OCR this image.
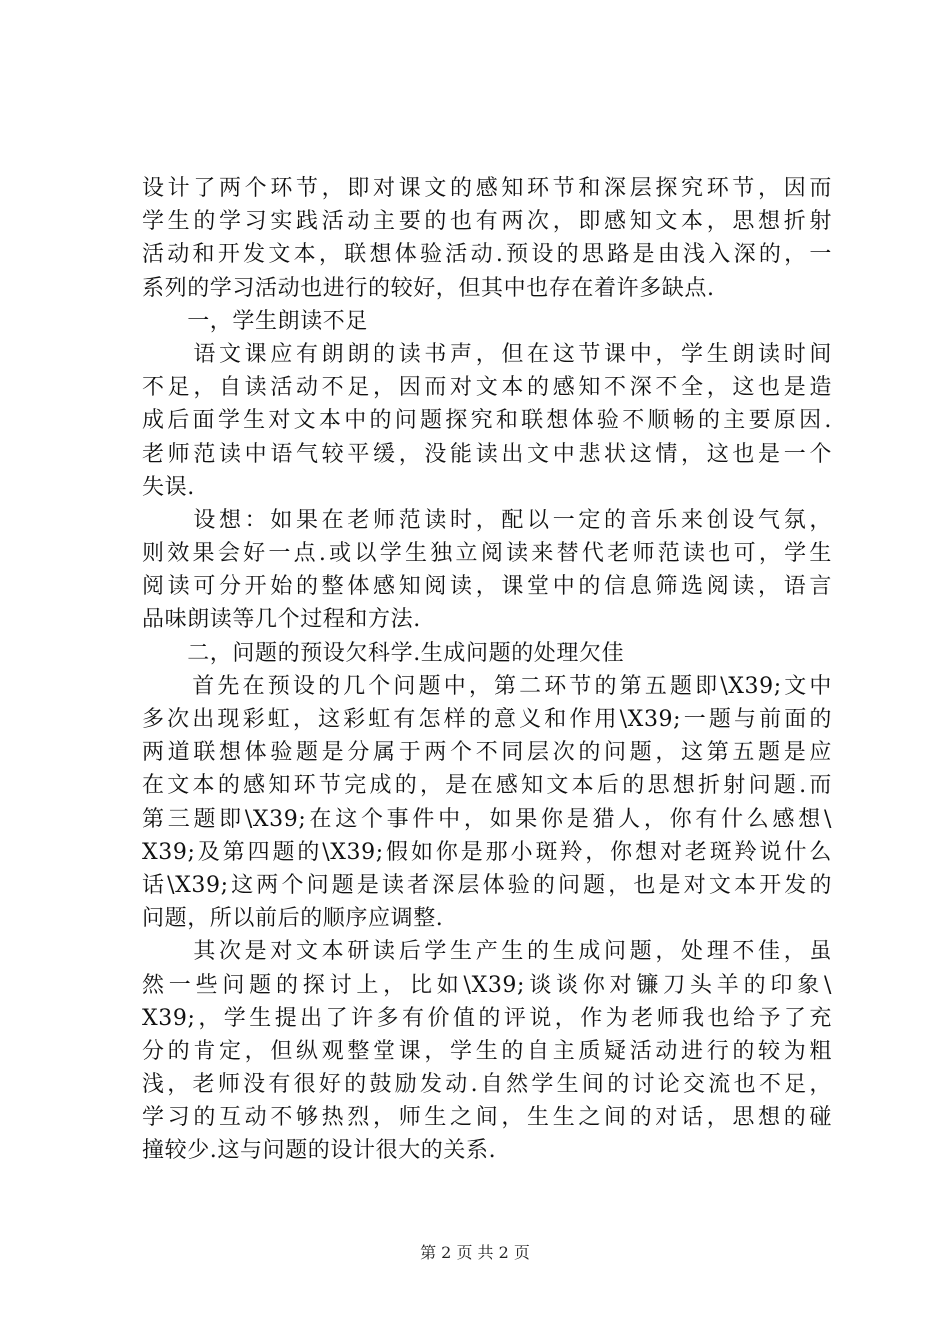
设计了两个环节，即对课文的感知环节和深层探究环节，因而
学生的学习实践活动主要的也有两次，即感知文本，思想折射
活动和开发文本，联想体验活动.预设的思路是由浅入深的，一
系列的学习活动也进行的较好，但其中也存在着许多缺点.
　　一，学生朗读不足
　　语文课应有朗朗的读书声，但在这节课中，学生朗读时间
不足，自读活动不足，因而对文本的感知不深不全，这也是造
成后面学生对文本中的问题探究和联想体验不顺畅的主要原因.
老师范读中语气较平缓，没能读出文中悲状这情，这也是一个
失误.
　　设想：如果在老师范读时，配以一定的音乐来创设气氛，
则效果会好一点.或以学生独立阅读来替代老师范读也可，学生
阅读可分开始的整体感知阅读，课堂中的信息筛选阅读，语言
品味朗读等几个过程和方法.
　　二，问题的预设欠科学.生成问题的处理欠佳
　　首先在预设的几个问题中，第二环节的第五题即\X39;文中
多次出现彩虹，这彩虹有怎样的意义和作用\X39;一题与前面的
两道联想体验题是分属于两个不同层次的问题，这第五题是应
在文本的感知环节完成的，是在感知文本后的思想折射问题.而
第三题即\X39;在这个事件中，如果你是猎人，你有什么感想\
X39;及第四题的\X39;假如你是那小斑羚，你想对老斑羚说什么
话\X39;这两个问题是读者深层体验的问题，也是对文本开发的
问题，所以前后的顺序应调整.
　　其次是对文本研读后学生产生的生成问题，处理不佳，虽
然一些问题的探讨上，比如\X39;谈谈你对镰刀头羊的印象\
X39;，学生提出了许多有价值的评说，作为老师我也给予了充
分的肯定，但纵观整堂课，学生的自主质疑活动进行的较为粗
浅，老师没有很好的鼓励发动.自然学生间的讨论交流也不足，
学习的互动不够热烈，师生之间，生生之间的对话，思想的碰
撞较少.这与问题的设计很大的关系.
第 2 页 共 2 页
